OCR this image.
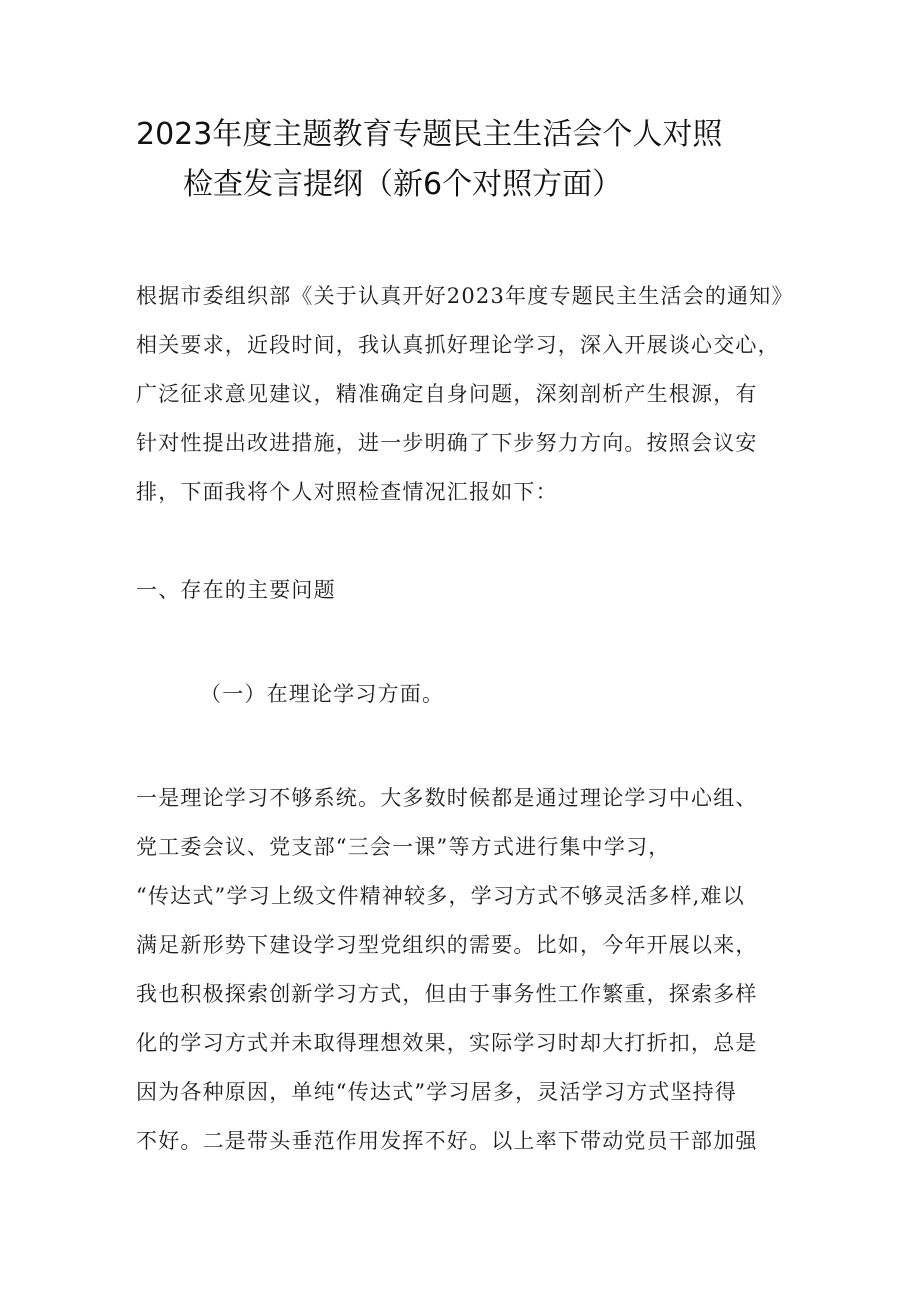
2023年度主题教育专题民主生活会个人对照
检查发言提纲（新6个对照方面）
根据市委组织部《关于认真开好2023年度专题民主生活会的通知》
相关要求，近段时间，我认真抓好理论学习，深入开展谈心交心，
广泛征求意见建议，精准确定自身问题，深刻剖析产生根源，有
针对性提出改进措施，进一步明确了下步努力方向。按照会议安
排，下面我将个人对照检查情况汇报如下：
一、存在的主要问题
（一）在理论学习方面。
一是理论学习不够系统。大多数时候都是通过理论学习中心组、
党工委会议、党支部“三会一课”等方式进行集中学习，
“传达式”学习上级文件精神较多，学习方式不够灵活多样,难以
满足新形势下建设学习型党组织的需要。比如，今年开展以来，
我也积极探索创新学习方式，但由于事务性工作繁重，探索多样
化的学习方式并未取得理想效果，实际学习时却大打折扣，总是
因为各种原因，单纯“传达式”学习居多，灵活学习方式坚持得
不好。二是带头垂范作用发挥不好。以上率下带动党员干部加强
